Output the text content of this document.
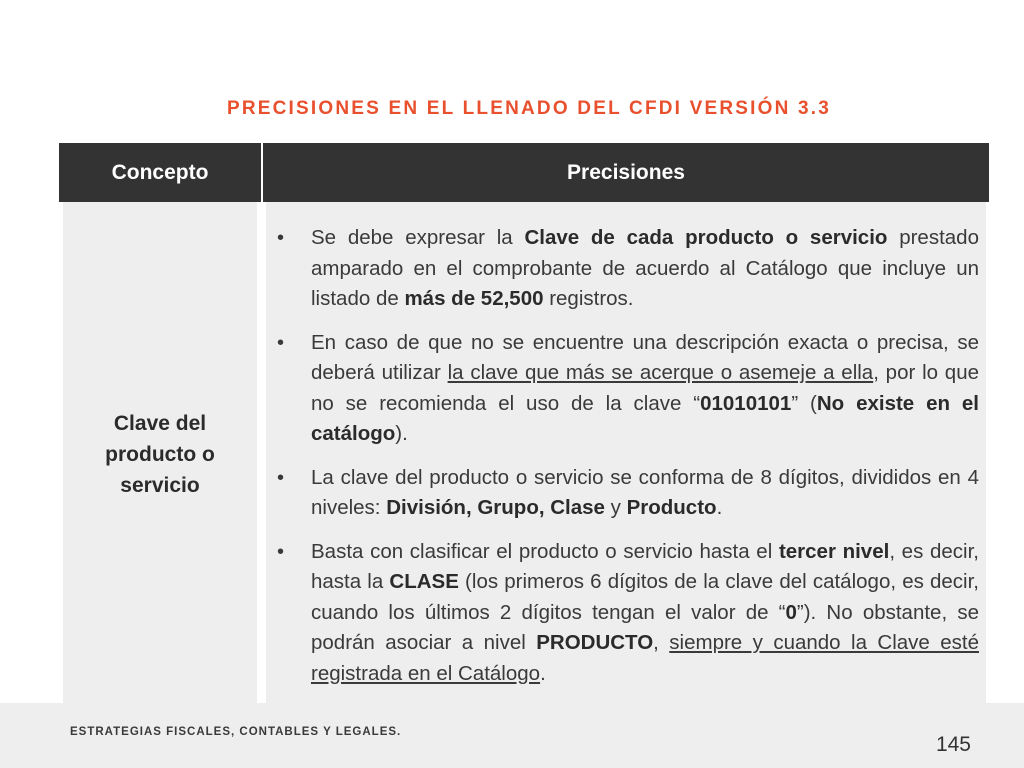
PRECISIONES EN EL LLENADO DEL CFDI VERSIÓN 3.3
Concepto	Precisiones
Clave del
producto o
servicio
• Se debe expresar la Clave de cada producto o servicio prestado amparado en el comprobante de acuerdo al Catálogo que incluye un listado de más de 52,500 registros.
• En caso de que no se encuentre una descripción exacta o precisa, se deberá utilizar la clave que más se acerque o asemeje a ella, por lo que no se recomienda el uso de la clave “01010101” (No existe en el catálogo).
• La clave del producto o servicio se conforma de 8 dígitos, divididos en 4 niveles: División, Grupo, Clase y Producto.
• Basta con clasificar el producto o servicio hasta el tercer nivel, es decir, hasta la CLASE (los primeros 6 dígitos de la clave del catálogo, es decir, cuando los últimos 2 dígitos tengan el valor de “0”). No obstante, se podrán asociar a nivel PRODUCTO, siempre y cuando la Clave esté registrada en el Catálogo.
ESTRATEGIAS FISCALES, CONTABLES Y LEGALES.
145
